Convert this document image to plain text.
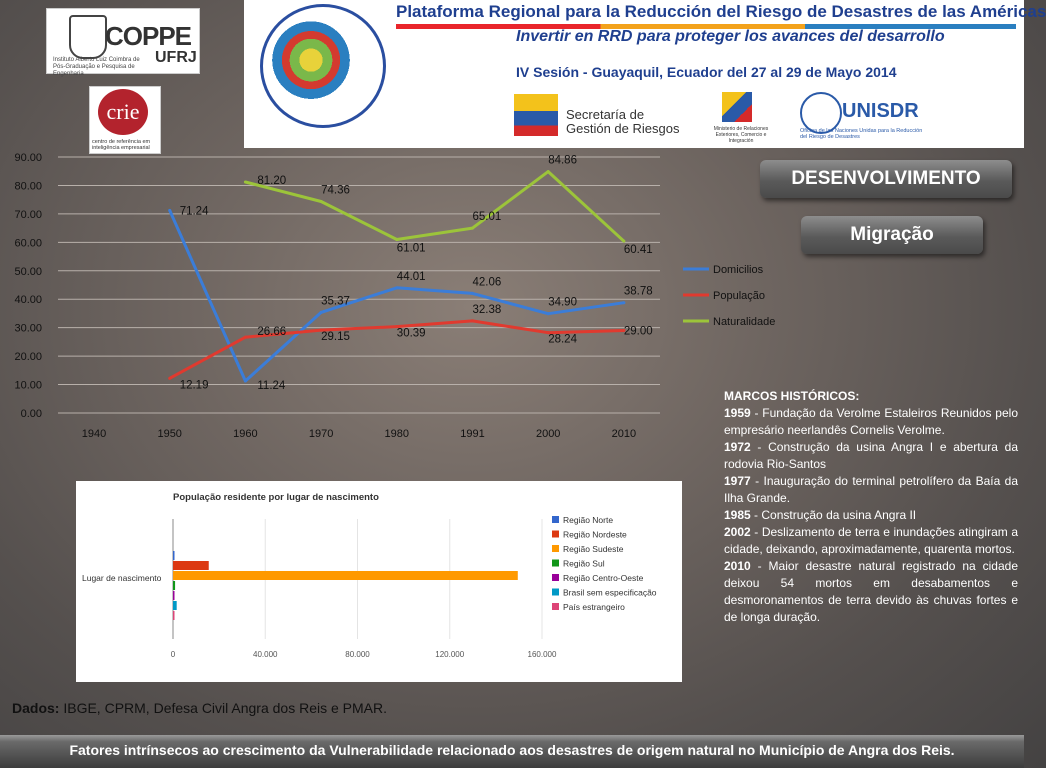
COPPE
UFRJ
Instituto Alberto Luiz Coimbra de Pós-Graduação e Pesquisa de Engenharia
crie
centro de referência em inteligência empresarial
Plataforma Regional para la Reducción del Riesgo de Desastres de las Américas
Invertir en RRD para proteger los avances del desarrollo
IV Sesión - Guayaquil, Ecuador del 27 al 29 de Mayo 2014
Secretaría de Gestión de Riesgos	Ministerio de Relaciones Exteriores, Comercio e Integración
UNISDR
Oficina de las Naciones Unidas para la Reducción del Riesgo de Desastres
0.00
10.00
20.00
30.00
40.00
50.00
60.00
70.00
80.00
90.00
1940	1950	1960	1970	1980	1991	2000	2010
71.24
11.24
35.37
44.01	42.06
34.90
38.78
12.19
26.66	29.15	30.39
32.38
28.24
29.00
81.20
74.36
61.01
65.01
84.86
60.41
Domicilios
População
Naturalidade
DESENVOLVIMENTO
Migração
MARCOS HISTÓRICOS:
1959 - Fundação da Verolme Estaleiros Reunidos pelo empresário neerlandês Cornelis Verolme.
1972 - Construção da usina Angra I e abertura da rodovia Rio-Santos
1977 - Inauguração do terminal petrolífero da Baía da Ilha Grande.
1985 - Construção da usina Angra II
2002 - Deslizamento de terra e inundações atingiram a cidade, deixando, aproximadamente, quarenta mortos.
2010 - Maior desastre natural registrado na cidade deixou 54 mortos em desabamentos e desmoronamentos de terra devido às chuvas fortes e de longa duração.
População residente por lugar de nascimento
0	40.000	80.000	120.000	160.000
Lugar de nascimento
Região Norte
Região Nordeste
Região Sudeste
Região Sul
Região Centro-Oeste
Brasil sem especificação
País estrangeiro
Dados: IBGE, CPRM, Defesa Civil Angra dos Reis e PMAR.
Fatores intrínsecos ao crescimento da Vulnerabilidade relacionado aos desastres de origem natural no Município de Angra dos Reis.
